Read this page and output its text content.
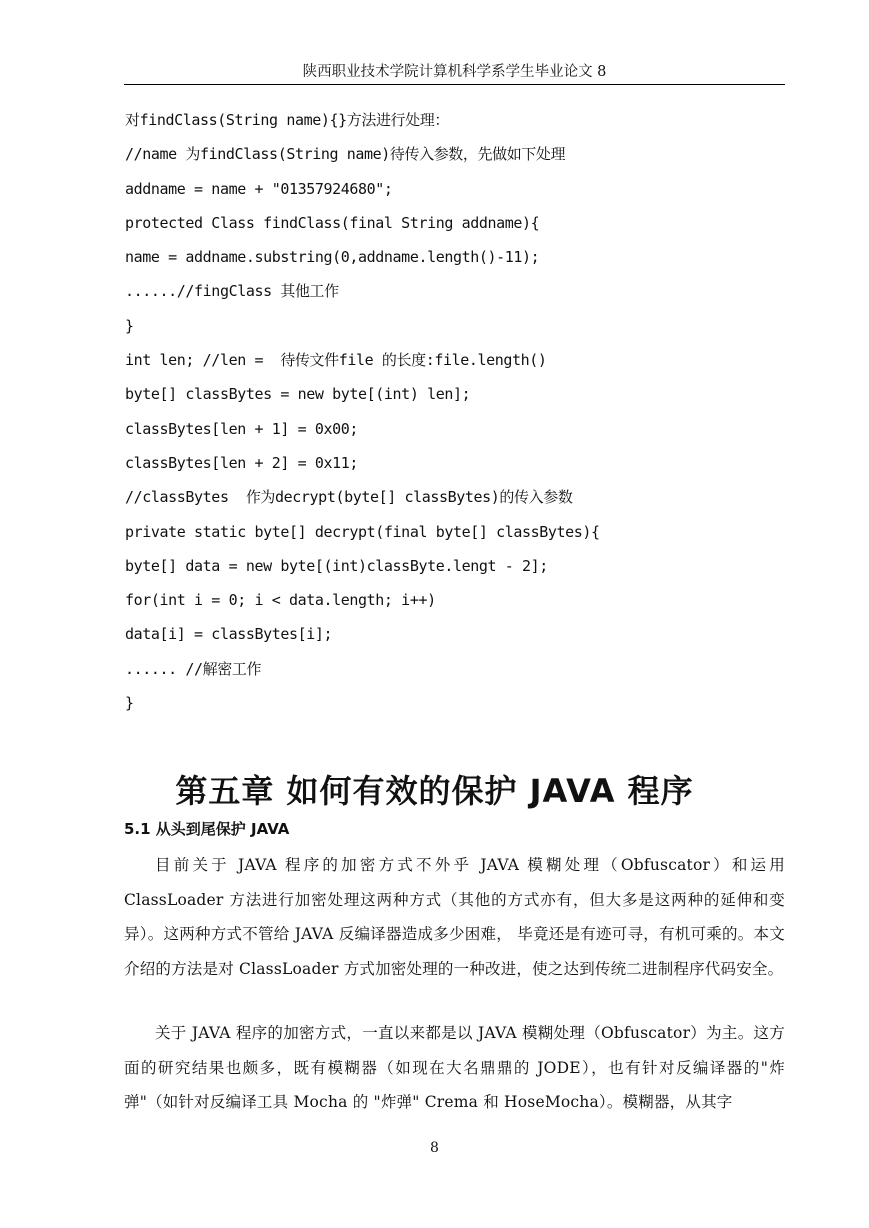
陕西职业技术学院计算机科学系学生毕业论文 8
对findClass(String name){}方法进行处理：
//name 为findClass(String name)待传入参数，先做如下处理
addname = name + "01357924680";
protected Class findClass(final String addname){
name = addname.substring(0,addname.length()-11);
......//fingClass 其他工作
}
int len; //len =  待传文件file 的长度:file.length()
byte[] classBytes = new byte[(int) len];
classBytes[len + 1] = 0x00;
classBytes[len + 2] = 0x11;
//classBytes  作为decrypt(byte[] classBytes)的传入参数
private static byte[] decrypt(final byte[] classBytes){
byte[] data = new byte[(int)classByte.lengt - 2];
for(int i = 0; i < data.length; i++)
data[i] = classBytes[i];
...... //解密工作
}
第五章 如何有效的保护 JAVA 程序
5.1 从头到尾保护 JAVA
目前关于 JAVA 程序的加密方式不外乎 JAVA 模糊处理（Obfuscator）和运用 ClassLoader 方法进行加密处理这两种方式（其他的方式亦有，但大多是这两种的延伸和变异）。这两种方式不管给 JAVA 反编译器造成多少困难， 毕竟还是有迹可寻，有机可乘的。本文介绍的方法是对 ClassLoader 方式加密处理的一种改进，使之达到传统二进制程序代码安全。
关于 JAVA 程序的加密方式，一直以来都是以 JAVA 模糊处理（Obfuscator）为主。这方面的研究结果也颇多，既有模糊器（如现在大名鼎鼎的 JODE），也有针对反编译器的"炸弹"（如针对反编译工具 Mocha 的 "炸弹" Crema 和 HoseMocha）。模糊器，从其字
8
